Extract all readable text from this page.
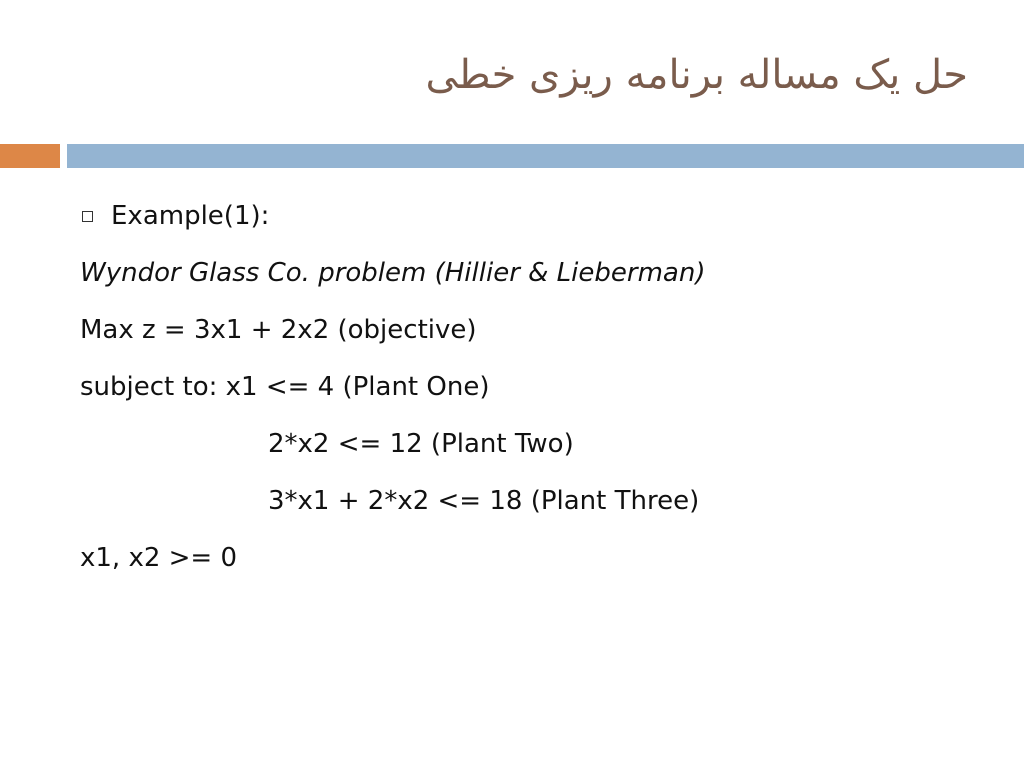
حل یک مساله برنامه ریزی خطی
Example(1):
Wyndor Glass Co. problem (Hillier & Lieberman)
Max z = 3x1 + 2x2 (objective)
subject to: x1 <= 4 (Plant One)
2*x2 <= 12 (Plant Two)
3*x1 + 2*x2 <= 18 (Plant Three)
x1, x2 >= 0
